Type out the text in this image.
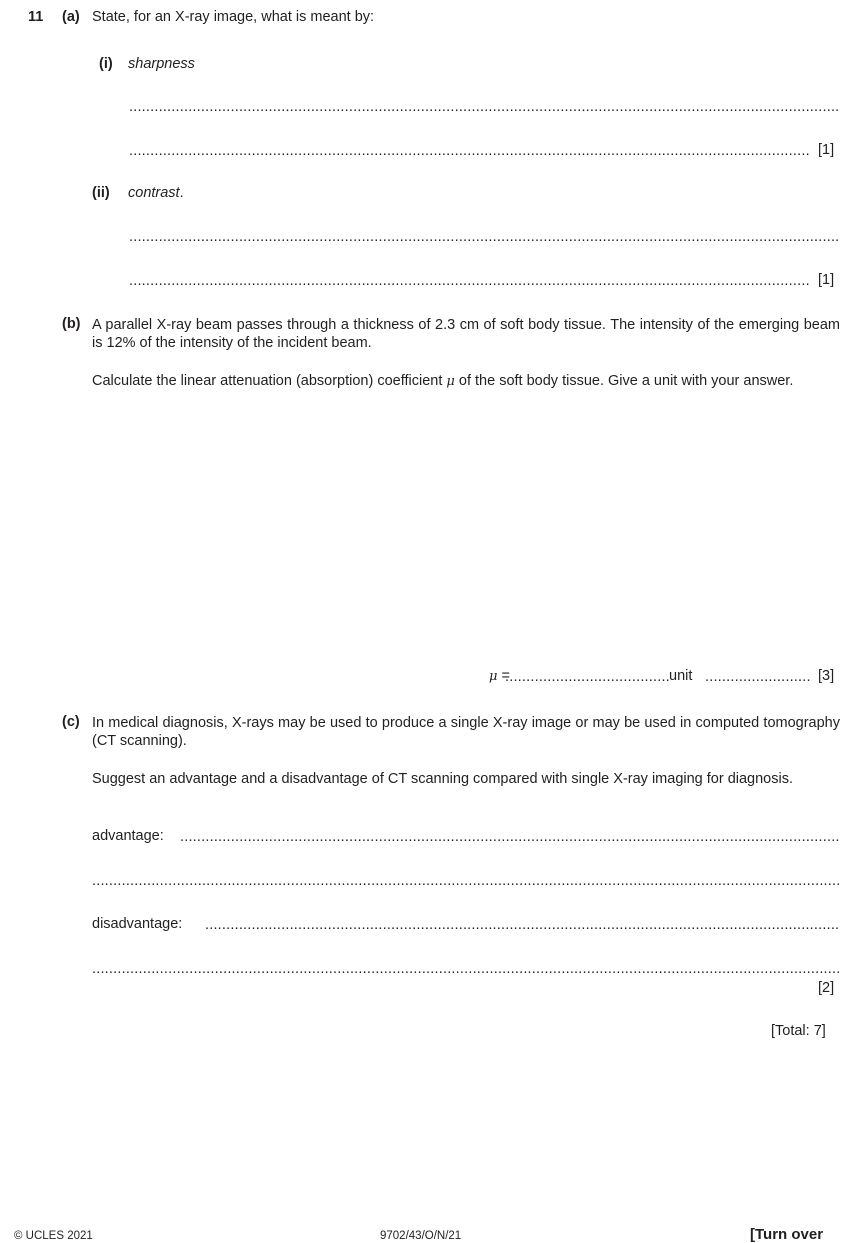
11 (a) State, for an X-ray image, what is meant by:
(i) sharpness
.....
.....
[1]
(ii) contrast.
.....
.....
[1]
(b) A parallel X-ray beam passes through a thickness of 2.3 cm of soft body tissue. The intensity of the emerging beam is 12% of the intensity of the incident beam.
Calculate the linear attenuation (absorption) coefficient μ of the soft body tissue. Give a unit with your answer.
μ = .....	unit .....	[3]
(c) In medical diagnosis, X-rays may be used to produce a single X-ray image or may be used in computed tomography (CT scanning).
Suggest an advantage and a disadvantage of CT scanning compared with single X-ray imaging for diagnosis.
advantage:
.....
.....
disadvantage:
.....
.....
[2]
[Total: 7]
© UCLES 2021	9702/43/O/N/21	[Turn over
